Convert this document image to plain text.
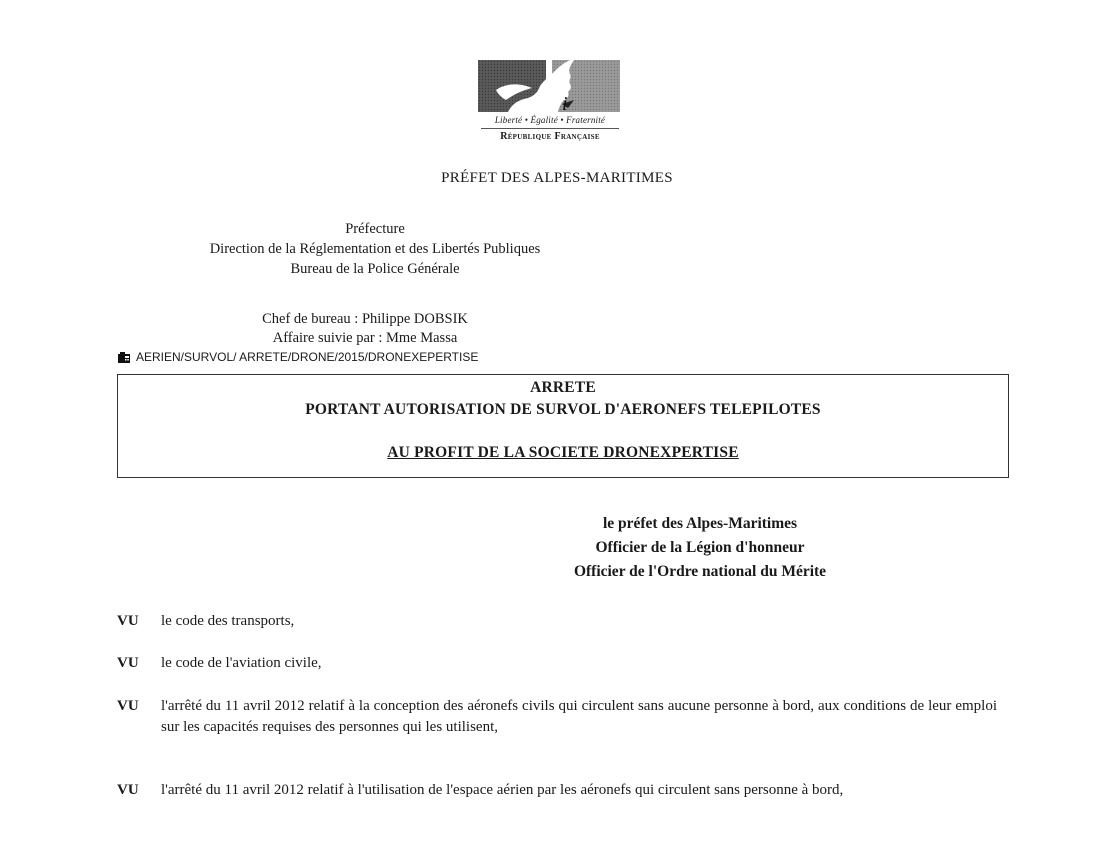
i
Liberté • Égalité • Fraternité
République Française
PRÉFET DES ALPES-MARITIMES
Préfecture
Direction de la Réglementation et des Libertés Publiques
Bureau de la Police Générale
Chef de bureau : Philippe DOBSIK
Affaire suivie par : Mme Massa
AERIEN/SURVOL/ ARRETE/DRONE/2015/DRONEXEPERTISE
ARRETE
PORTANT AUTORISATION DE SURVOL D'AERONEFS TELEPILOTES
AU PROFIT DE LA SOCIETE DRONEXPERTISE
le préfet des Alpes-Maritimes
Officier de la Légion d'honneur
Officier de l'Ordre national du Mérite
VU	le code des transports,
VU	le code de l'aviation civile,
VU	l'arrêté du 11 avril 2012 relatif à la conception des aéronefs civils qui circulent sans aucune personne à bord, aux conditions de leur emploi sur les capacités requises des personnes qui les utilisent,
VU	l'arrêté du 11 avril 2012 relatif à l'utilisation de l'espace aérien par les aéronefs qui circulent sans personne à bord,
